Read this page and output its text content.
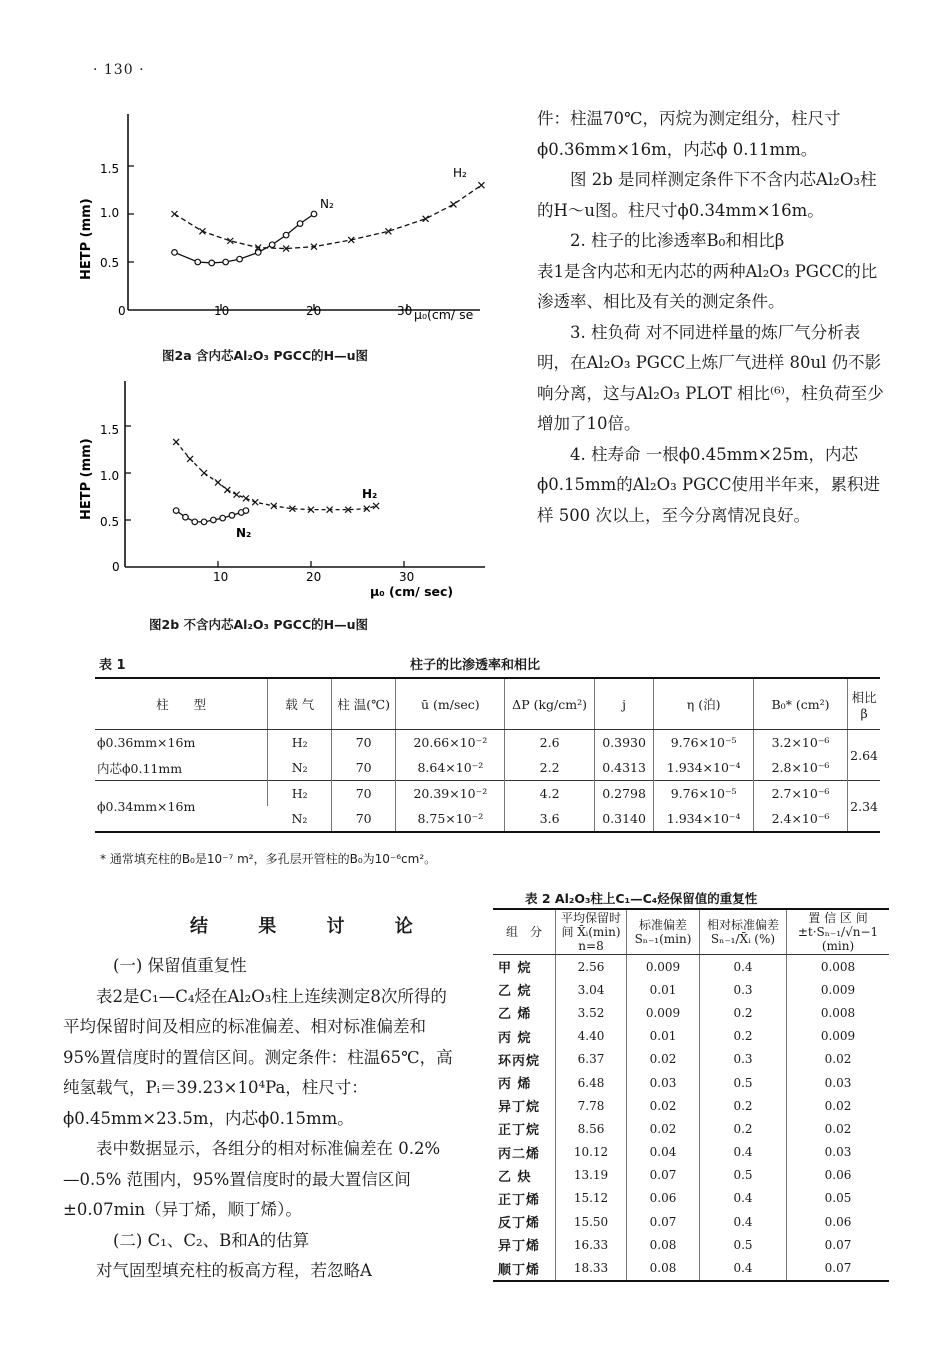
· 130 ·
HETP (mm)
1.5
1.0
0.5
0	10	20	30 μ₀(cm/ se
N₂
H₂
图2a 含内芯Al₂O₃ PGCC的H—u图
HETP (mm)
1.5
1.0
0.5
0
10	20	30
μ₀ (cm/ sec)
H₂
N₂
图2b 不含内芯Al₂O₃ PGCC的H—u图

件：柱温70℃，丙烷为测定组分，柱尺寸ϕ0.36mm×16m，内芯ϕ 0.11mm。

图 2b 是同样测定条件下不含内芯Al₂O₃柱的H～u图。柱尺寸ϕ0.34mm×16m。

2. 柱子的比渗透率B₀和相比β

表1是含内芯和无内芯的两种Al₂O₃ PGCC的比渗透率、相比及有关的测定条件。

3. 柱负荷 对不同进样量的炼厂气分析表明，在Al₂O₃ PGCC上炼厂气进样 80ul 仍不影响分离，这与Al₂O₃ PLOT 相比⁽⁶⁾，柱负荷至少增加了10倍。

4. 柱寿命 一根ϕ0.45mm×25m，内芯ϕ0.15mm的Al₂O₃ PGCC使用半年来，累积进样 500 次以上，至今分离情况良好。

表 1	柱子的比渗透率和相比
柱　　型	载 气	柱 温(℃)	ū (m/sec)	ΔP (kg/cm²)	j	η (泊)	B₀* (cm²)	相比β
ϕ0.36mm×16m	H₂	70	20.66×10⁻²	2.6	0.3930	9.76×10⁻⁵	3.2×10⁻⁶	2.64
内芯ϕ0.11mm	N₂	70	8.64×10⁻²	2.2	0.4313	1.934×10⁻⁴	2.8×10⁻⁶	
ϕ0.34mm×16m	H₂	70	20.39×10⁻²	4.2	0.2798	9.76×10⁻⁵	2.7×10⁻⁶	2.34
	N₂	70	8.75×10⁻²	3.6	0.3140	1.934×10⁻⁴	2.4×10⁻⁶	
* 通常填充柱的B₀是10⁻⁷ m²，多孔层开管柱的B₀为10⁻⁶cm²。
结 果 讨 论

(一) 保留值重复性

表2是C₁—C₄烃在Al₂O₃柱上连续测定8次所得的平均保留时间及相应的标准偏差、相对标准偏差和95%置信度时的置信区间。测定条件：柱温65℃，高纯氢载气，Pᵢ＝39.23×10⁴Pa，柱尺寸：ϕ0.45mm×23.5m，内芯ϕ0.15mm。

表中数据显示，各组分的相对标准偏差在 0.2%—0.5% 范围内，95%置信度时的最大置信区间±0.07min（异丁烯，顺丁烯）。

(二) C₁、C₂、B和A的估算

对气固型填充柱的板高方程，若忽略A

表 2 Al₂O₃柱上C₁—C₄烃保留值的重复性
组　分	平均保留时　间 X̄ᵢ(min) n=8	标准偏差 Sₙ₋₁(min)	相对标准偏差 Sₙ₋₁/X̄ᵢ (%)	置 信 区 间 ±t·Sₙ₋₁/√n−1 (min)
甲 烷	2.56	0.009	0.4	0.008
乙 烷	3.04	0.01	0.3	0.009
乙 烯	3.52	0.009	0.2	0.008
丙 烷	4.40	0.01	0.2	0.009
环丙烷	6.37	0.02	0.3	0.02
丙 烯	6.48	0.03	0.5	0.03
异丁烷	7.78	0.02	0.2	0.02
正丁烷	8.56	0.02	0.2	0.02
丙二烯	10.12	0.04	0.4	0.03
乙 炔	13.19	0.07	0.5	0.06
正丁烯	15.12	0.06	0.4	0.05
反丁烯	15.50	0.07	0.4	0.06
异丁烯	16.33	0.08	0.5	0.07
顺丁烯	18.33	0.08	0.4	0.07
